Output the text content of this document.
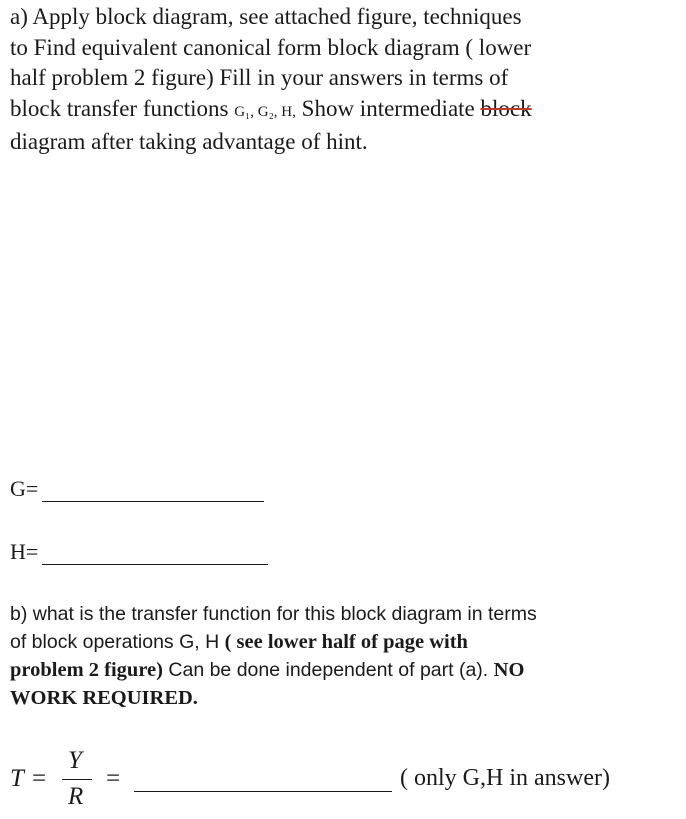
a) Apply block diagram, see attached figure, techniques
to Find equivalent canonical form block diagram ( lower
half problem 2 figure) Fill in your answers in terms of
block transfer functions G₁, G₂, H, Show intermediate block
diagram after taking advantage of hint.
G=
H=
b) what is the transfer function for this block diagram in terms
of block operations G, H ( see lower half of page with
problem 2 figure) Can be done independent of part (a). NO
WORK REQUIRED.
T =
Y
R
=	( only G,H in answer)
